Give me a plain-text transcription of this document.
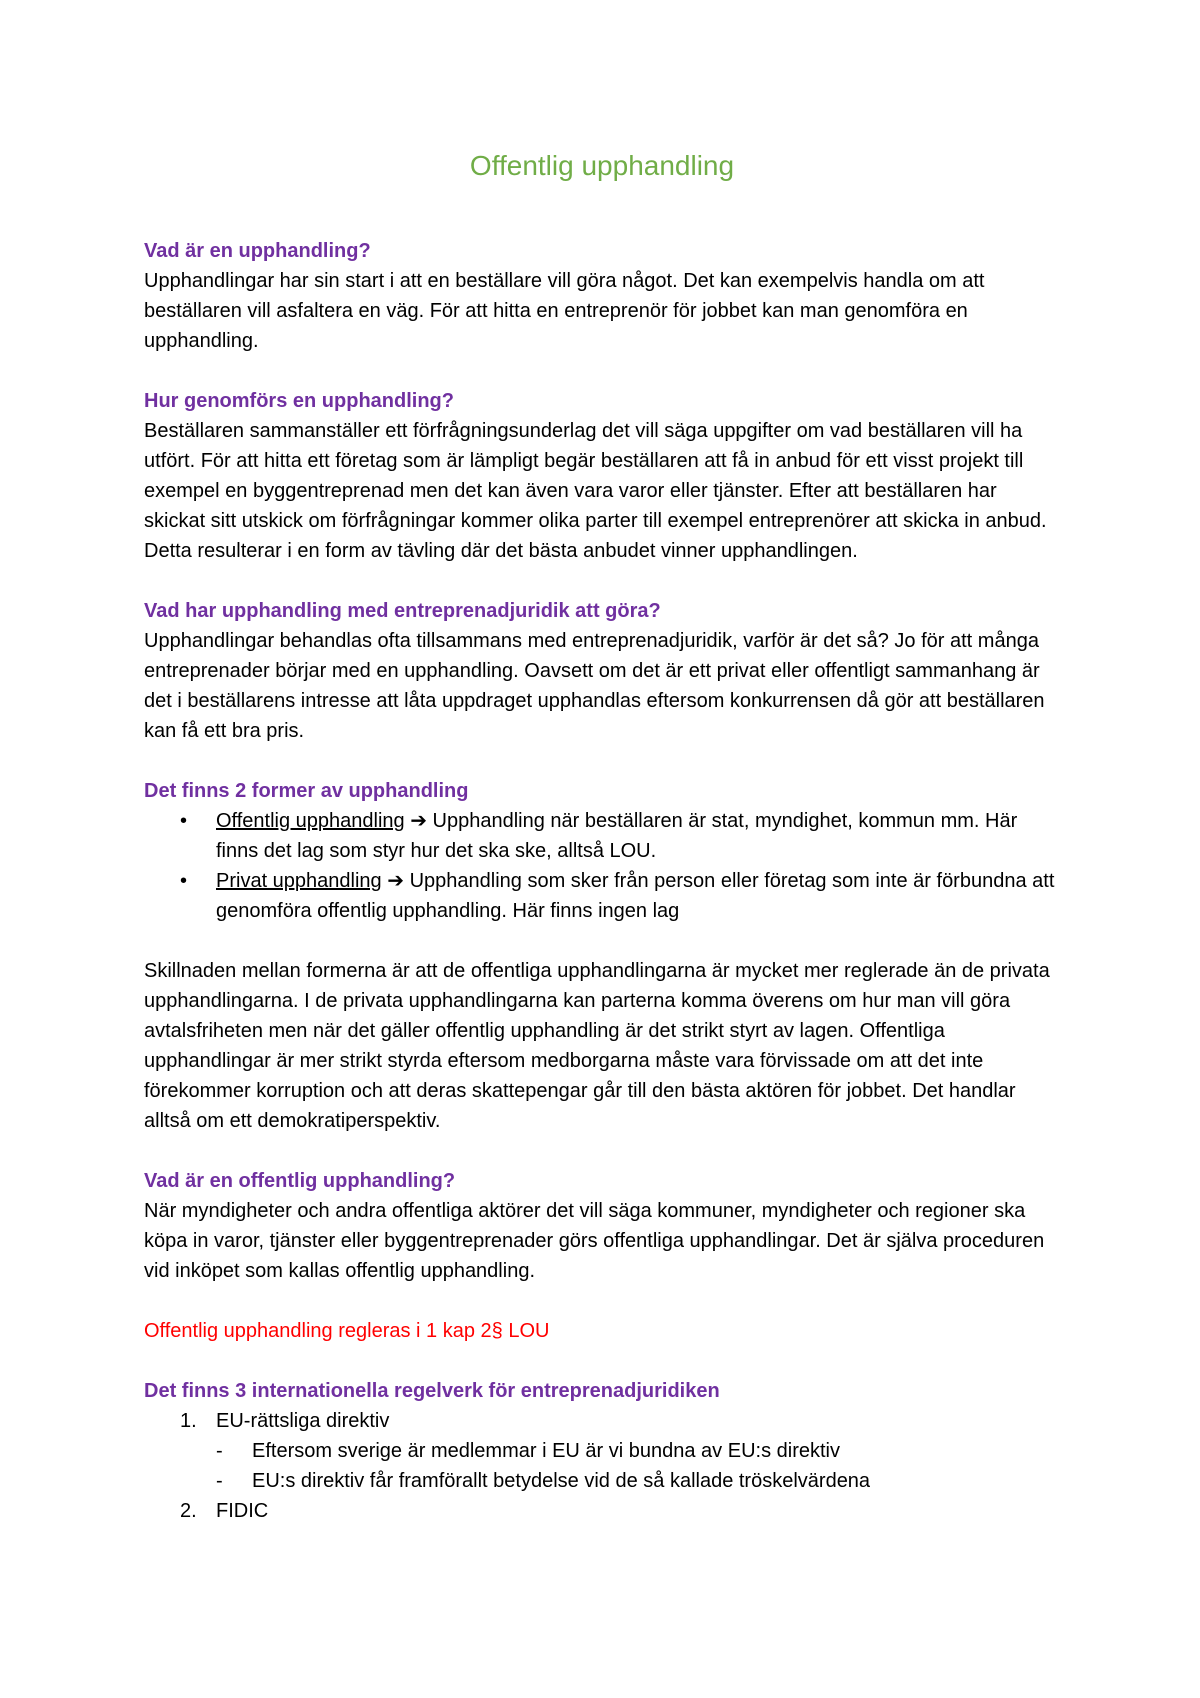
Offentlig upphandling

Vad är en upphandling?

Upphandlingar har sin start i att en beställare vill göra något. Det kan exempelvis handla om att beställaren vill asfaltera en väg. För att hitta en entreprenör för jobbet kan man genomföra en upphandling.

Hur genomförs en upphandling?

Beställaren sammanställer ett förfrågningsunderlag det vill säga uppgifter om vad beställaren vill ha utfört. För att hitta ett företag som är lämpligt begär beställaren att få in anbud för ett visst projekt till exempel en byggentreprenad men det kan även vara varor eller tjänster. Efter att beställaren har skickat sitt utskick om förfrågningar kommer olika parter till exempel entreprenörer att skicka in anbud. Detta resulterar i en form av tävling där det bästa anbudet vinner upphandlingen.

Vad har upphandling med entreprenadjuridik att göra?

Upphandlingar behandlas ofta tillsammans med entreprenadjuridik, varför är det så? Jo för att många entreprenader börjar med en upphandling. Oavsett om det är ett privat eller offentligt sammanhang är det i beställarens intresse att låta uppdraget upphandlas eftersom konkurrensen då gör att beställaren kan få ett bra pris.

Det finns 2 former av upphandling

• Offentlig upphandling ➔ Upphandling när beställaren är stat, myndighet, kommun mm. Här finns det lag som styr hur det ska ske, alltså LOU.
• Privat upphandling ➔ Upphandling som sker från person eller företag som inte är förbundna att genomföra offentlig upphandling. Här finns ingen lag

Skillnaden mellan formerna är att de offentliga upphandlingarna är mycket mer reglerade än de privata upphandlingarna. I de privata upphandlingarna kan parterna komma överens om hur man vill göra avtalsfriheten men när det gäller offentlig upphandling är det strikt styrt av lagen. Offentliga upphandlingar är mer strikt styrda eftersom medborgarna måste vara förvissade om att det inte förekommer korruption och att deras skattepengar går till den bästa aktören för jobbet. Det handlar alltså om ett demokratiperspektiv.

Vad är en offentlig upphandling?

När myndigheter och andra offentliga aktörer det vill säga kommuner, myndigheter och regioner ska köpa in varor, tjänster eller byggentreprenader görs offentliga upphandlingar. Det är själva proceduren vid inköpet som kallas offentlig upphandling.

Offentlig upphandling regleras i 1 kap 2§ LOU

Det finns 3 internationella regelverk för entreprenadjuridiken

1. EU-rättsliga direktiv
- Eftersom sverige är medlemmar i EU är vi bundna av EU:s direktiv
- EU:s direktiv får framförallt betydelse vid de så kallade tröskelvärdena
2. FIDIC
